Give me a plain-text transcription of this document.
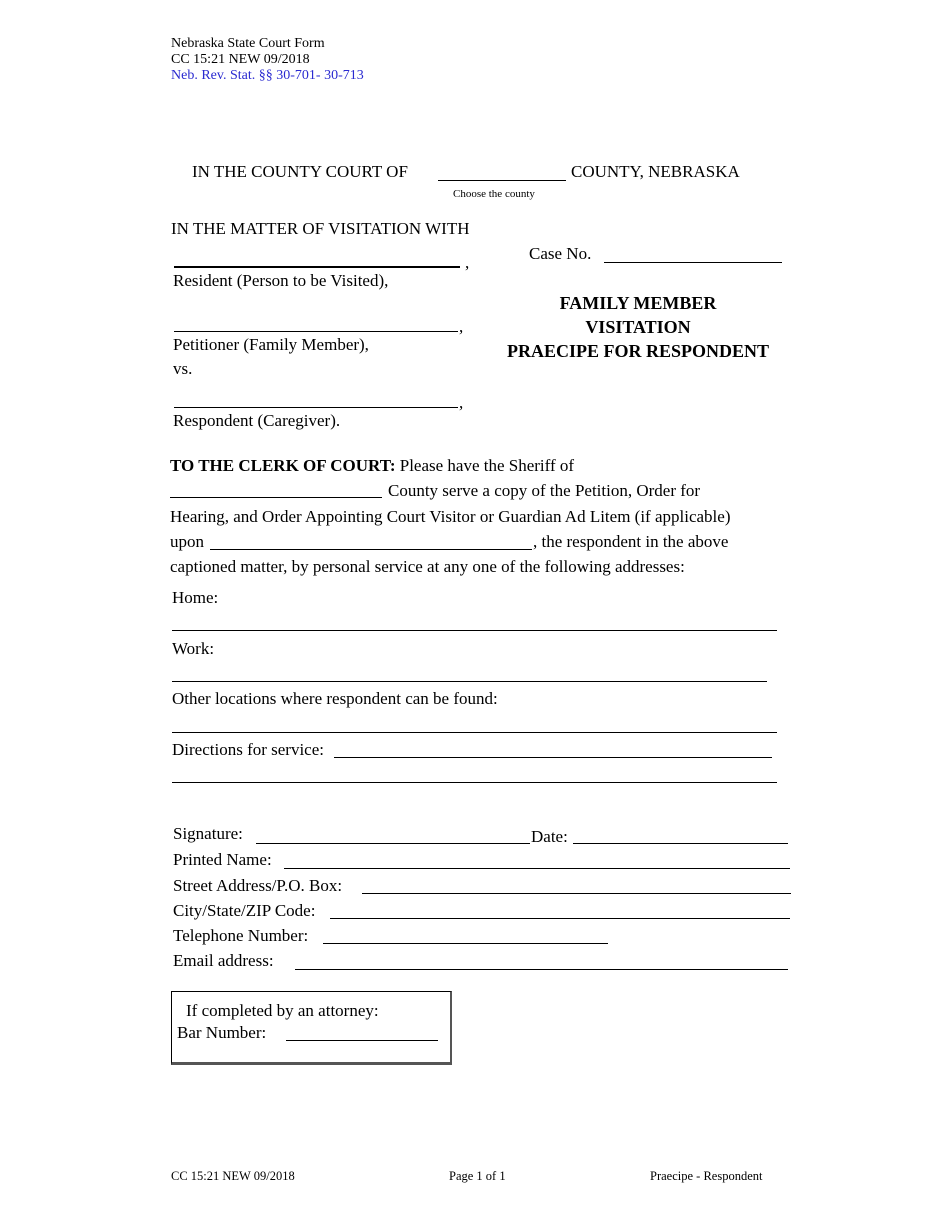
Nebraska State Court Form
CC 15:21 NEW 09/2018
Neb. Rev. Stat. §§ 30-701- 30-713
IN THE COUNTY COURT OF	COUNTY, NEBRASKA
Choose the county
IN THE MATTER OF VISITATION WITH
,
Resident (Person to be Visited),
,
Petitioner (Family Member),
vs.
,
Respondent (Caregiver).
Case No.
FAMILY MEMBER
VISITATION
PRAECIPE FOR RESPONDENT
TO THE CLERK OF COURT: Please have the Sheriff of
County serve a copy of the Petition, Order for
Hearing, and Order Appointing Court Visitor or Guardian Ad Litem (if applicable)
upon	, the respondent in the above
captioned matter, by personal service at any one of the following addresses:
Home:
Work:
Other locations where respondent can be found:
Directions for service:
Signature:	Date:
Printed Name:
Street Address/P.O. Box:
City/State/ZIP Code:
Telephone Number:
Email address:
If completed by an attorney:
Bar Number:
CC 15:21 NEW 09/2018	Page 1 of 1	Praecipe - Respondent
